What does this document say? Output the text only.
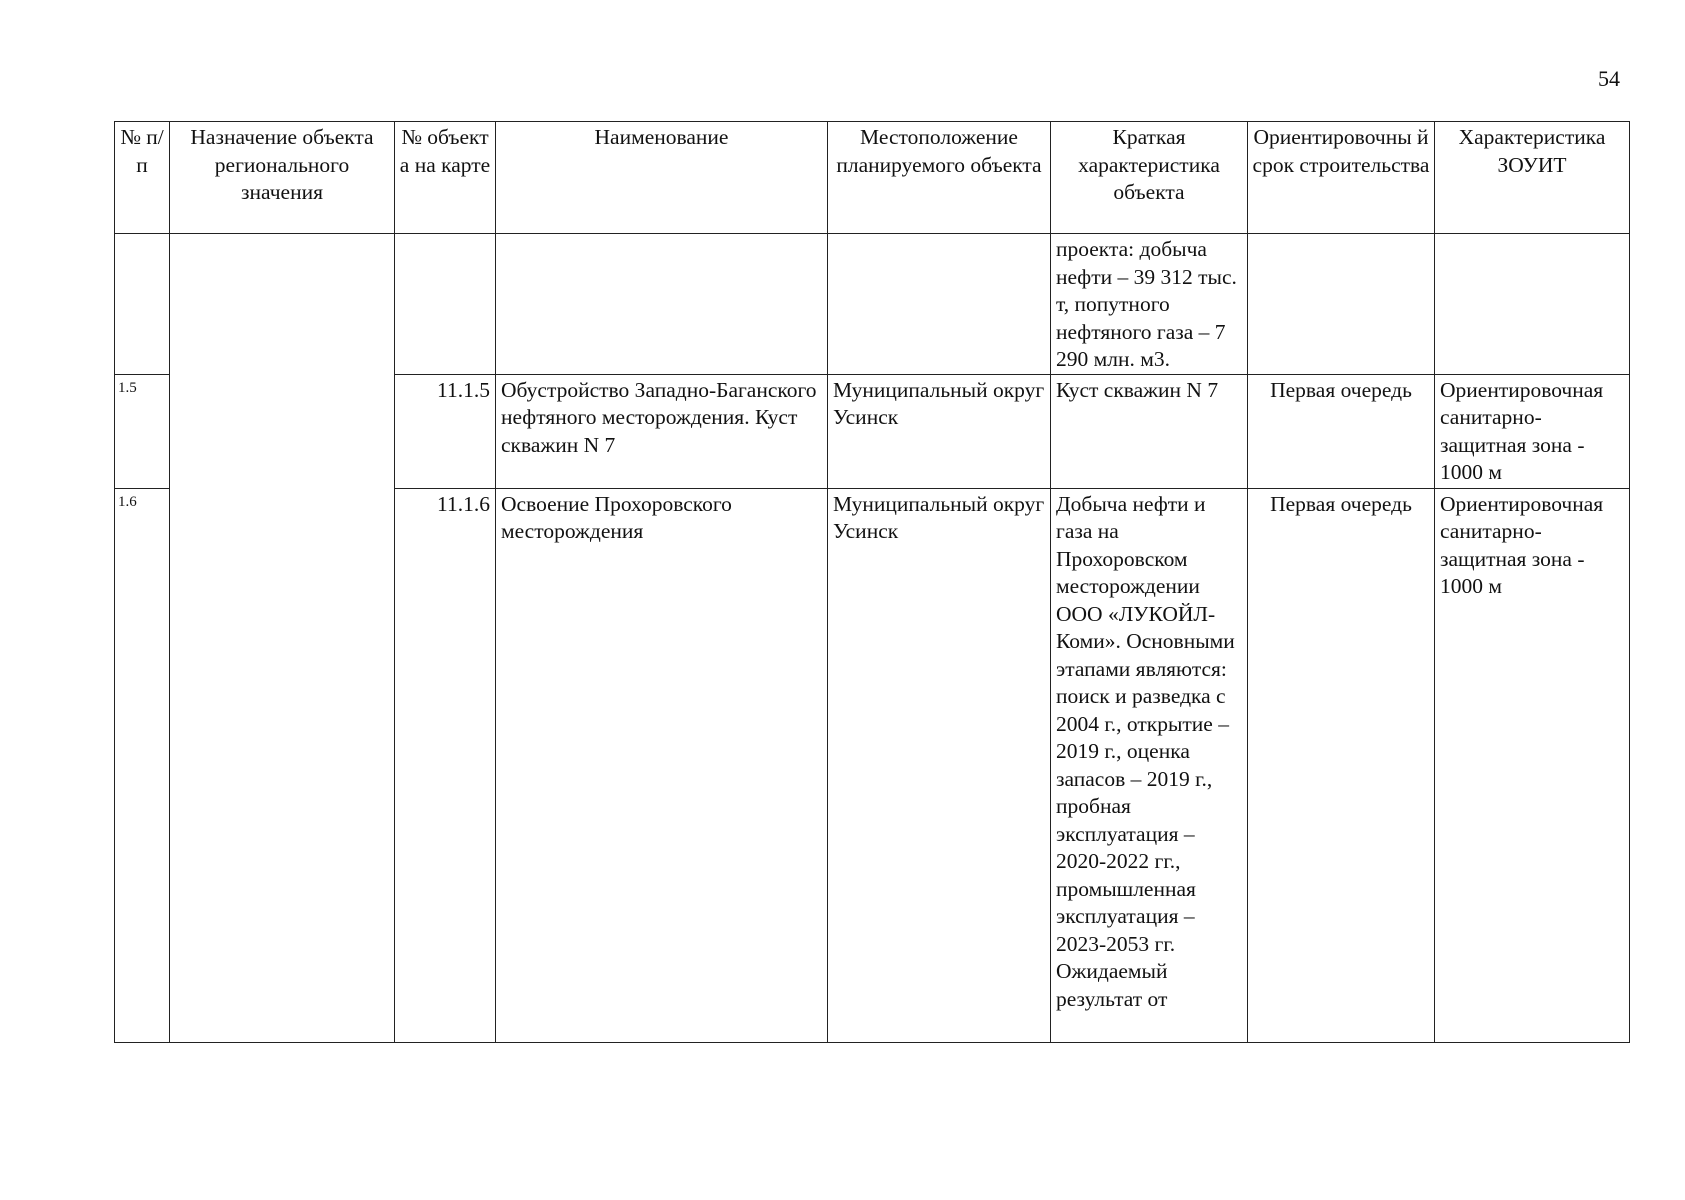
54
№ п/п	Назначение объекта регионального значения	№ объект а на карте	Наименование	Местоположение планируемого объекта	Краткая характеристика объекта	Ориентировочны й срок строительства	Характеристика ЗОУИТ
					проекта: добыча нефти – 39 312 тыс. т, попутного нефтяного газа – 7 290 млн. м3.		
1.5		11.1.5	Обустройство Западно-Баганского нефтяного месторождения. Куст скважин N 7	Муниципальный округ Усинск	Куст скважин N 7	Первая очередь	Ориентировочная санитарно-защитная зона - 1000 м
1.6		11.1.6	Освоение Прохоровского месторождения	Муниципальный округ Усинск	Добыча нефти и газа на Прохоровском месторождении ООО «ЛУКОЙЛ-Коми». Основными этапами являются: поиск и разведка с 2004 г., открытие – 2019 г., оценка запасов – 2019 г., пробная эксплуатация – 2020-2022 гг., промышленная эксплуатация – 2023-2053 гг. Ожидаемый результат от	Первая очередь	Ориентировочная санитарно-защитная зона - 1000 м
